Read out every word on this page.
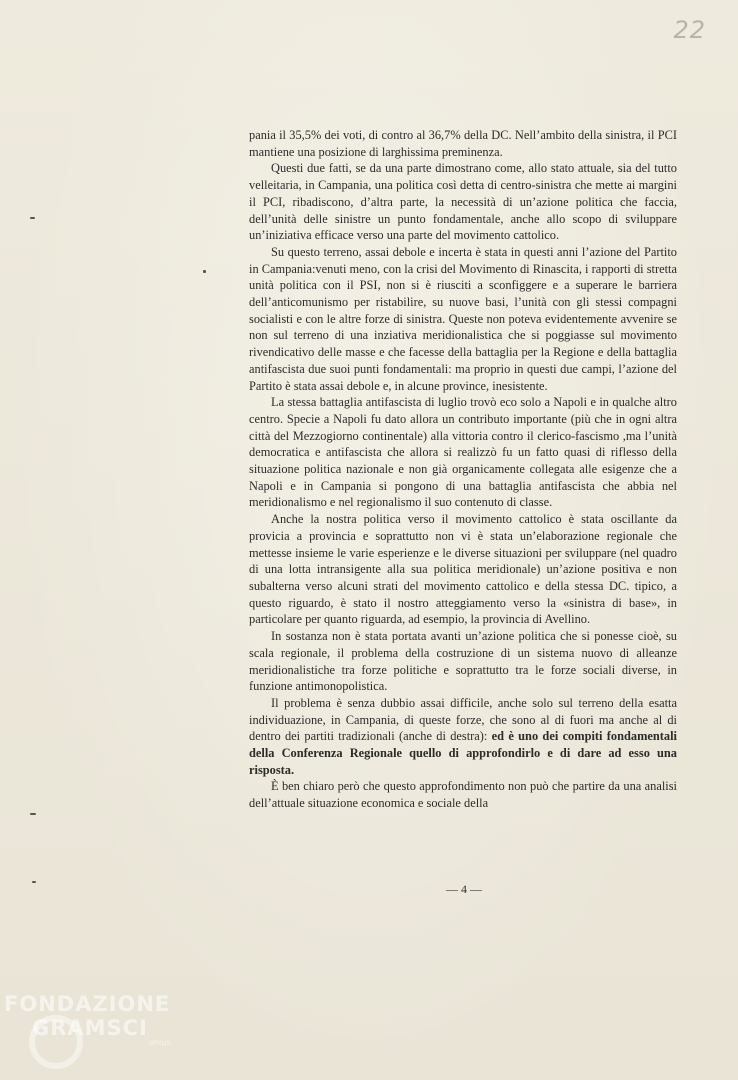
22

pania il 35,5% dei voti, di contro al 36,7% della DC. Nell’ambito della sinistra, il PCI mantiene una posizione di larghissima preminenza.

Questi due fatti, se da una parte dimostrano come, allo stato attuale, sia del tutto velleitaria, in Campania, una politica così detta di centro-sinistra che mette ai margini il PCI, ribadiscono, d’altra parte, la necessità di un’azione politica che faccia, dell’unità delle sinistre un punto fondamentale, anche allo scopo di sviluppare un’iniziativa efficace verso una parte del movimento cattolico.

Su questo terreno, assai debole e incerta è stata in questi anni l’azione del Partito in Campania:venuti meno, con la crisi del Movimento di Rinascita, i rapporti di stretta unità politica con il PSI, non si è riusciti a sconfiggere e a superare le barriera dell’anticomunismo per ristabilire, su nuove basi, l’unità con gli stessi compagni socialisti e con le altre forze di sinistra. Queste non poteva evidentemente avvenire se non sul terreno di una inziativa meridionalistica che si poggiasse sul movimento rivendicativo delle masse e che facesse della battaglia per la Regione e della battaglia antifascista due suoi punti fondamentali: ma proprio in questi due campi, l’azione del Partito è stata assai debole e, in alcune province, inesistente.

La stessa battaglia antifascista di luglio trovò eco solo a Napoli e in qualche altro centro. Specie a Napoli fu dato allora un contributo importante (più che in ogni altra città del Mezzogiorno continentale) alla vittoria contro il clerico-fascismo ,ma l’unità democratica e antifascista che allora si realizzò fu un fatto quasi di riflesso della situazione politica nazionale e non già organicamente collegata alle esigenze che a Napoli e in Campania si pongono di una battaglia antifascista che abbia nel meridionalismo e nel regionalismo il suo contenuto di classe.

Anche la nostra politica verso il movimento cattolico è stata oscillante da provicia a provincia e soprattutto non vi è stata un’elaborazione regionale che mettesse insieme le varie esperienze e le diverse situazioni per sviluppare (nel quadro di una lotta intransigente alla sua politica meridionale) un’azione positiva e non subalterna verso alcuni strati del movimento cattolico e della stessa DC. tipico, a questo riguardo, è stato il nostro atteggiamento verso la «sinistra di base», in particolare per quanto riguarda, ad esempio, la provincia di Avellino.

In sostanza non è stata portata avanti un’azione politica che si ponesse cioè, su scala regionale, il problema della costruzione di un sistema nuovo di alleanze meridionalistiche tra forze politiche e soprattutto tra le forze sociali diverse, in funzione antimonopolistica.

Il problema è senza dubbio assai difficile, anche solo sul terreno della esatta individuazione, in Campania, di queste forze, che sono al di fuori ma anche al di dentro dei partiti tradizionali (anche di destra): ed è uno dei compiti fondamentali della Conferenza Regionale quello di approfondirlo e di dare ad esso una risposta.

È ben chiaro però che questo approfondimento non può che partire da una analisi dell’attuale situazione economica e sociale della

— 4 —
FONDAZIONE
GRAMSCI
onlus
